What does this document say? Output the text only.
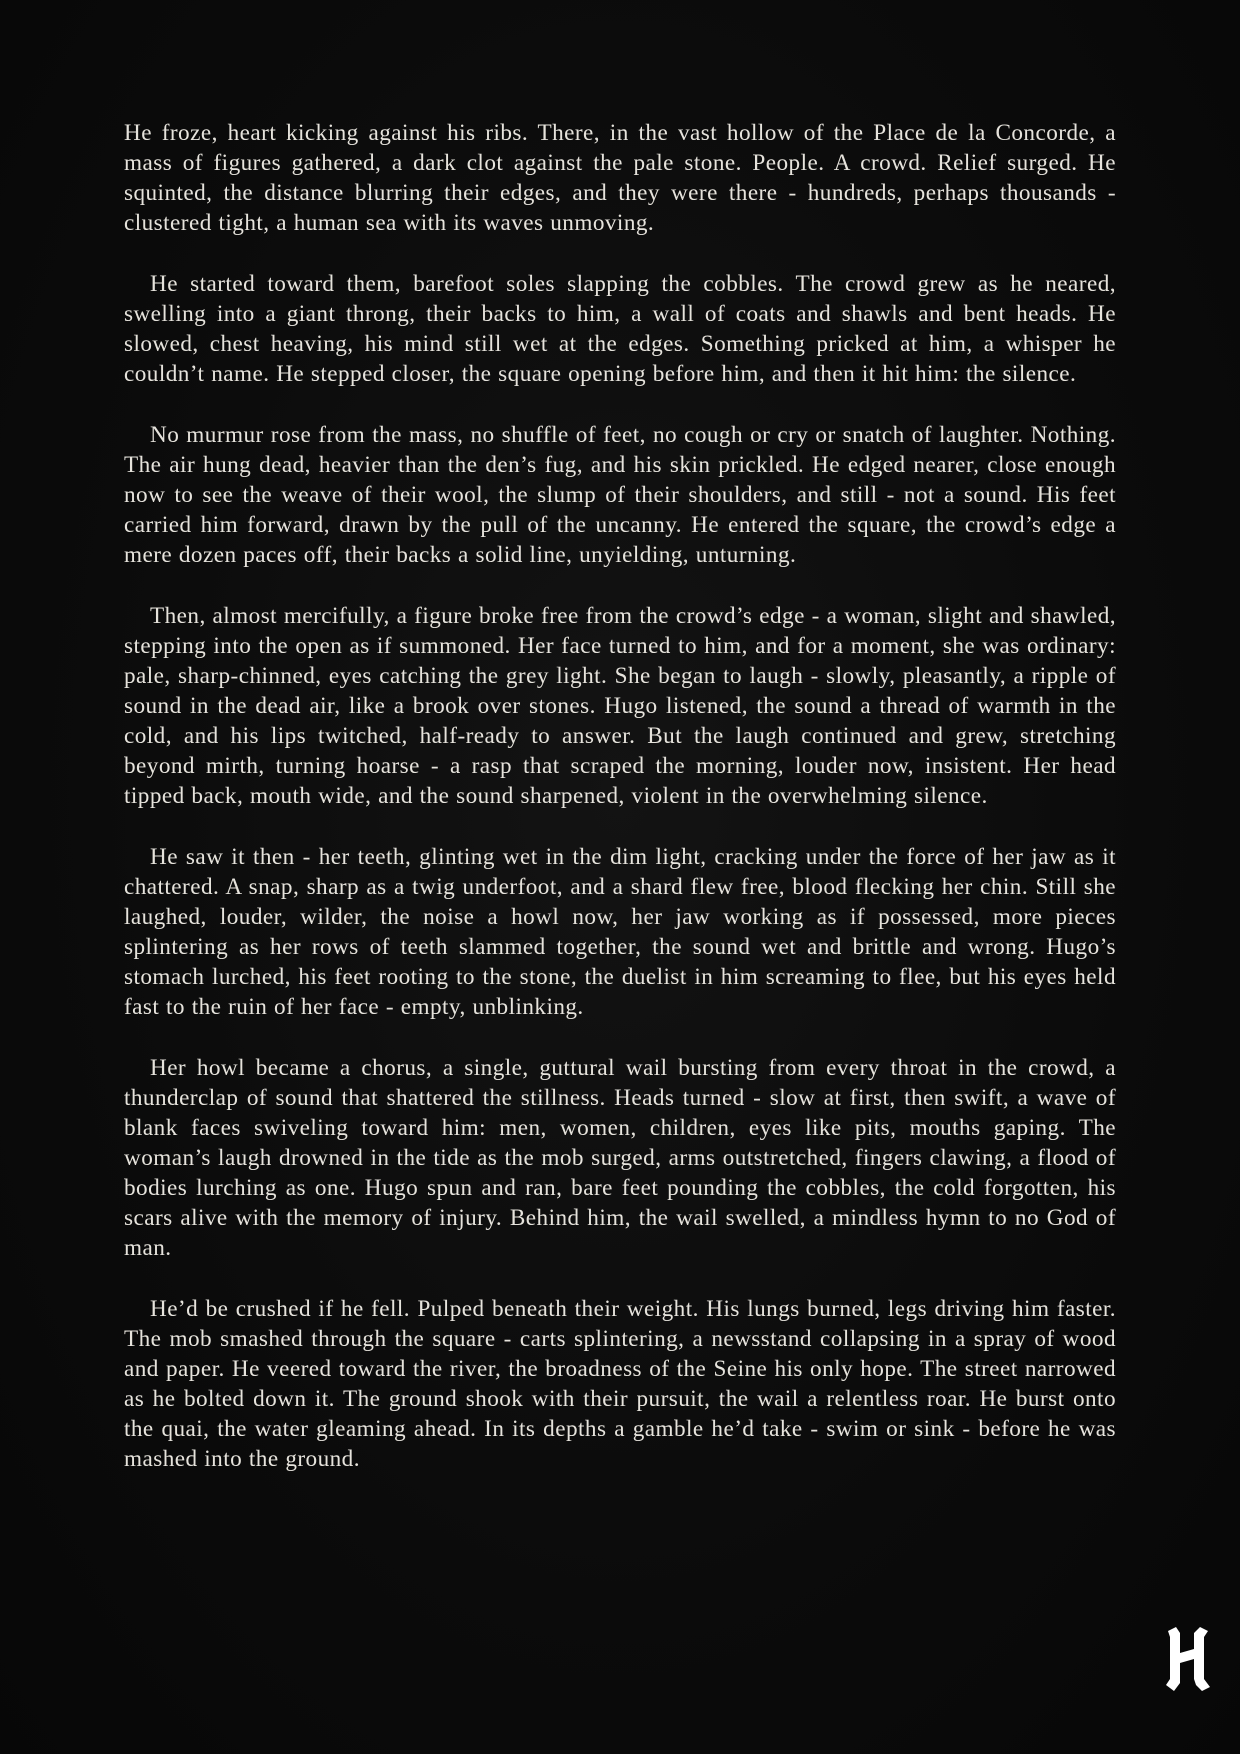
He froze, heart kicking against his ribs. There, in the vast hollow of the Place de la Concorde, a mass of figures gathered, a dark clot against the pale stone. People. A crowd. Relief surged. He squinted, the distance blurring their edges, and they were there - hundreds, perhaps thousands - clustered tight, a human sea with its waves unmoving.

He started toward them, barefoot soles slapping the cobbles. The crowd grew as he neared, swelling into a giant throng, their backs to him, a wall of coats and shawls and bent heads. He slowed, chest heaving, his mind still wet at the edges. Something pricked at him, a whisper he couldn’t name. He stepped closer, the square opening before him, and then it hit him: the silence.

No murmur rose from the mass, no shuffle of feet, no cough or cry or snatch of laughter. Nothing. The air hung dead, heavier than the den’s fug, and his skin prickled. He edged nearer, close enough now to see the weave of their wool, the slump of their shoulders, and still - not a sound. His feet carried him forward, drawn by the pull of the uncanny. He entered the square, the crowd’s edge a mere dozen paces off, their backs a solid line, unyielding, unturning.

Then, almost mercifully, a figure broke free from the crowd’s edge - a woman, slight and shawled, stepping into the open as if summoned. Her face turned to him, and for a moment, she was ordinary: pale, sharp-chinned, eyes catching the grey light. She began to laugh - slowly, pleasantly, a ripple of sound in the dead air, like a brook over stones. Hugo listened, the sound a thread of warmth in the cold, and his lips twitched, half-ready to answer. But the laugh continued and grew, stretching beyond mirth, turning hoarse - a rasp that scraped the morning, louder now, insistent. Her head tipped back, mouth wide, and the sound sharpened, violent in the overwhelming silence.

He saw it then - her teeth, glinting wet in the dim light, cracking under the force of her jaw as it chattered. A snap, sharp as a twig underfoot, and a shard flew free, blood flecking her chin. Still she laughed, louder, wilder, the noise a howl now, her jaw working as if possessed, more pieces splintering as her rows of teeth slammed together, the sound wet and brittle and wrong. Hugo’s stomach lurched, his feet rooting to the stone, the duelist in him screaming to flee, but his eyes held fast to the ruin of her face - empty, unblinking.

Her howl became a chorus, a single, guttural wail bursting from every throat in the crowd, a thunderclap of sound that shattered the stillness. Heads turned - slow at first, then swift, a wave of blank faces swiveling toward him: men, women, children, eyes like pits, mouths gaping. The woman’s laugh drowned in the tide as the mob surged, arms outstretched, fingers clawing, a flood of bodies lurching as one. Hugo spun and ran, bare feet pounding the cobbles, the cold forgotten, his scars alive with the memory of injury. Behind him, the wail swelled, a mindless hymn to no God of man.

He’d be crushed if he fell. Pulped beneath their weight. His lungs burned, legs driving him faster. The mob smashed through the square - carts splintering, a newsstand collapsing in a spray of wood and paper. He veered toward the river, the broadness of the Seine his only hope. The street narrowed as he bolted down it. The ground shook with their pursuit, the wail a relentless roar. He burst onto the quai, the water gleaming ahead. In its depths a gamble he’d take - swim or sink - before he was mashed into the ground.
